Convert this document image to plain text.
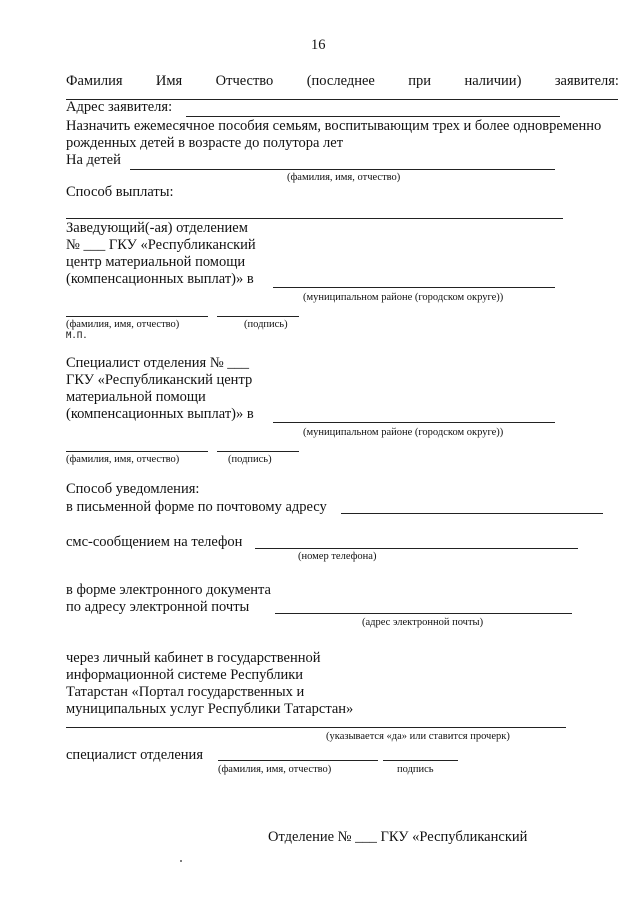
16
Фамилия Имя Отчество (последнее при наличии) заявителя:
Адрес заявителя:
Назначить ежемесячное пособия семьям, воспитывающим трех и более одновременно
рожденных детей в возрасте до полутора лет
На детей
(фамилия, имя, отчество)
Способ выплаты:
Заведующий(-ая) отделением
№ ___ ГКУ «Республиканский
центр материальной помощи
(компенсационных выплат)» в
(муниципальном районе (городском округе))
(фамилия, имя, отчество)	(подпись)
М.П.
Специалист отделения № ___
ГКУ «Республиканский центр
материальной помощи
(компенсационных выплат)» в
(муниципальном районе (городском округе))
(фамилия, имя, отчество)	(подпись)
Способ уведомления:
в письменной форме по почтовому адресу
смс-сообщением на телефон
(номер телефона)
в форме электронного документа
по адресу электронной почты
(адрес электронной почты)
через личный кабинет в государственной
информационной системе Республики
Татарстан «Портал государственных и
муниципальных услуг Республики Татарстан»
(указывается «да» или ставится прочерк)
специалист отделения
(фамилия, имя, отчество)	подпись
Отделение № ___ ГКУ «Республиканский
